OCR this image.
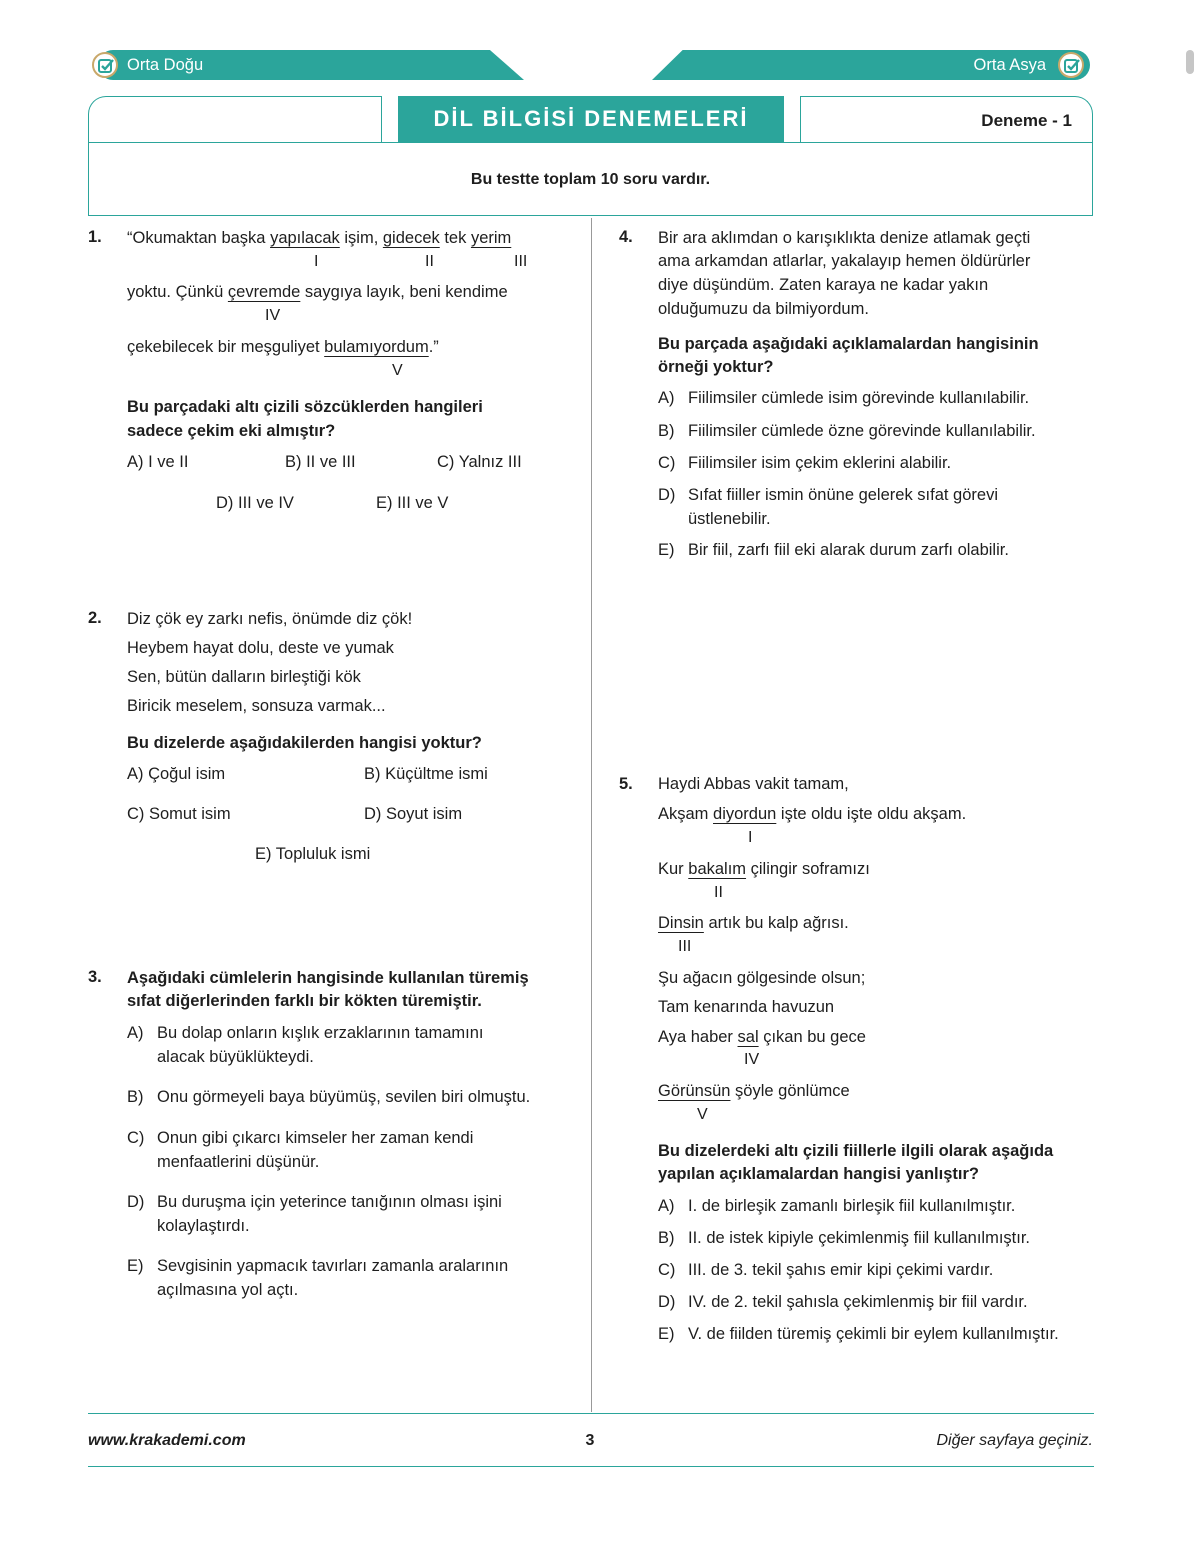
Orta Doğu	Orta Asya
Deneme - 1
DİL BİLGİSİ DENEMELERİ
Bu testte toplam 10 soru vardır.
1. “Okumaktan başka yapılacak işim, gidecek tek yerim
I	II	III
yoktu. Çünkü çevremde saygıya layık, beni kendime
IV
çekebilecek bir meşguliyet bulamıyordum.”
V
Bu parçadaki altı çizili sözcüklerden hangileri
sadece çekim eki almıştır?
A) I ve II	B) II ve III	C) Yalnız III
D) III ve IV	E) III ve V
2. Diz çök ey zarkı nefis, önümde diz çök!
Heybem hayat dolu, deste ve yumak
Sen, bütün dalların birleştiği kök
Biricik meselem, sonsuza varmak...
Bu dizelerde aşağıdakilerden hangisi yoktur?
A) Çoğul isim	B) Küçültme ismi
C) Somut isim	D) Soyut isim
E) Topluluk ismi
3. Aşağıdaki cümlelerin hangisinde kullanılan türemiş
sıfat diğerlerinden farklı bir kökten türemiştir.
A) Bu dolap onların kışlık erzaklarının tamamını
alacak büyüklükteydi.
B) Onu görmeyeli baya büyümüş, sevilen biri olmuştu.
C) Onun gibi çıkarcı kimseler her zaman kendi
menfaatlerini düşünür.
D) Bu duruşma için yeterince tanığının olması işini
kolaylaştırdı.
E) Sevgisinin yapmacık tavırları zamanla aralarının
açılmasına yol açtı.
4. Bir ara aklımdan o karışıklıkta denize atlamak geçti
ama arkamdan atlarlar, yakalayıp hemen öldürürler
diye düşündüm. Zaten karaya ne kadar yakın
olduğumuzu da bilmiyordum.
Bu parçada aşağıdaki açıklamalardan hangisinin
örneği yoktur?
A) Fiilimsiler cümlede isim görevinde kullanılabilir.
B) Fiilimsiler cümlede özne görevinde kullanılabilir.
C) Fiilimsiler isim çekim eklerini alabilir.
D) Sıfat fiiller ismin önüne gelerek sıfat görevi
üstlenebilir.
E) Bir fiil, zarfı fiil eki alarak durum zarfı olabilir.
5. Haydi Abbas vakit tamam,
Akşam diyordun işte oldu işte oldu akşam.
I
Kur bakalım çilingir soframızı
II
Dinsin artık bu kalp ağrısı.
III
Şu ağacın gölgesinde olsun;
Tam kenarında havuzun
Aya haber sal çıkan bu gece
IV
Görünsün şöyle gönlümce
V
Bu dizelerdeki altı çizili fiillerle ilgili olarak aşağıda
yapılan açıklamalardan hangisi yanlıştır?
A) I. de birleşik zamanlı birleşik fiil kullanılmıştır.
B) II. de istek kipiyle çekimlenmiş fiil kullanılmıştır.
C) III. de 3. tekil şahıs emir kipi çekimi vardır.
D) IV. de 2. tekil şahısla çekimlenmiş bir fiil vardır.
E) V. de fiilden türemiş çekimli bir eylem kullanılmıştır.
www.krakademi.com	3	Diğer sayfaya geçiniz.
